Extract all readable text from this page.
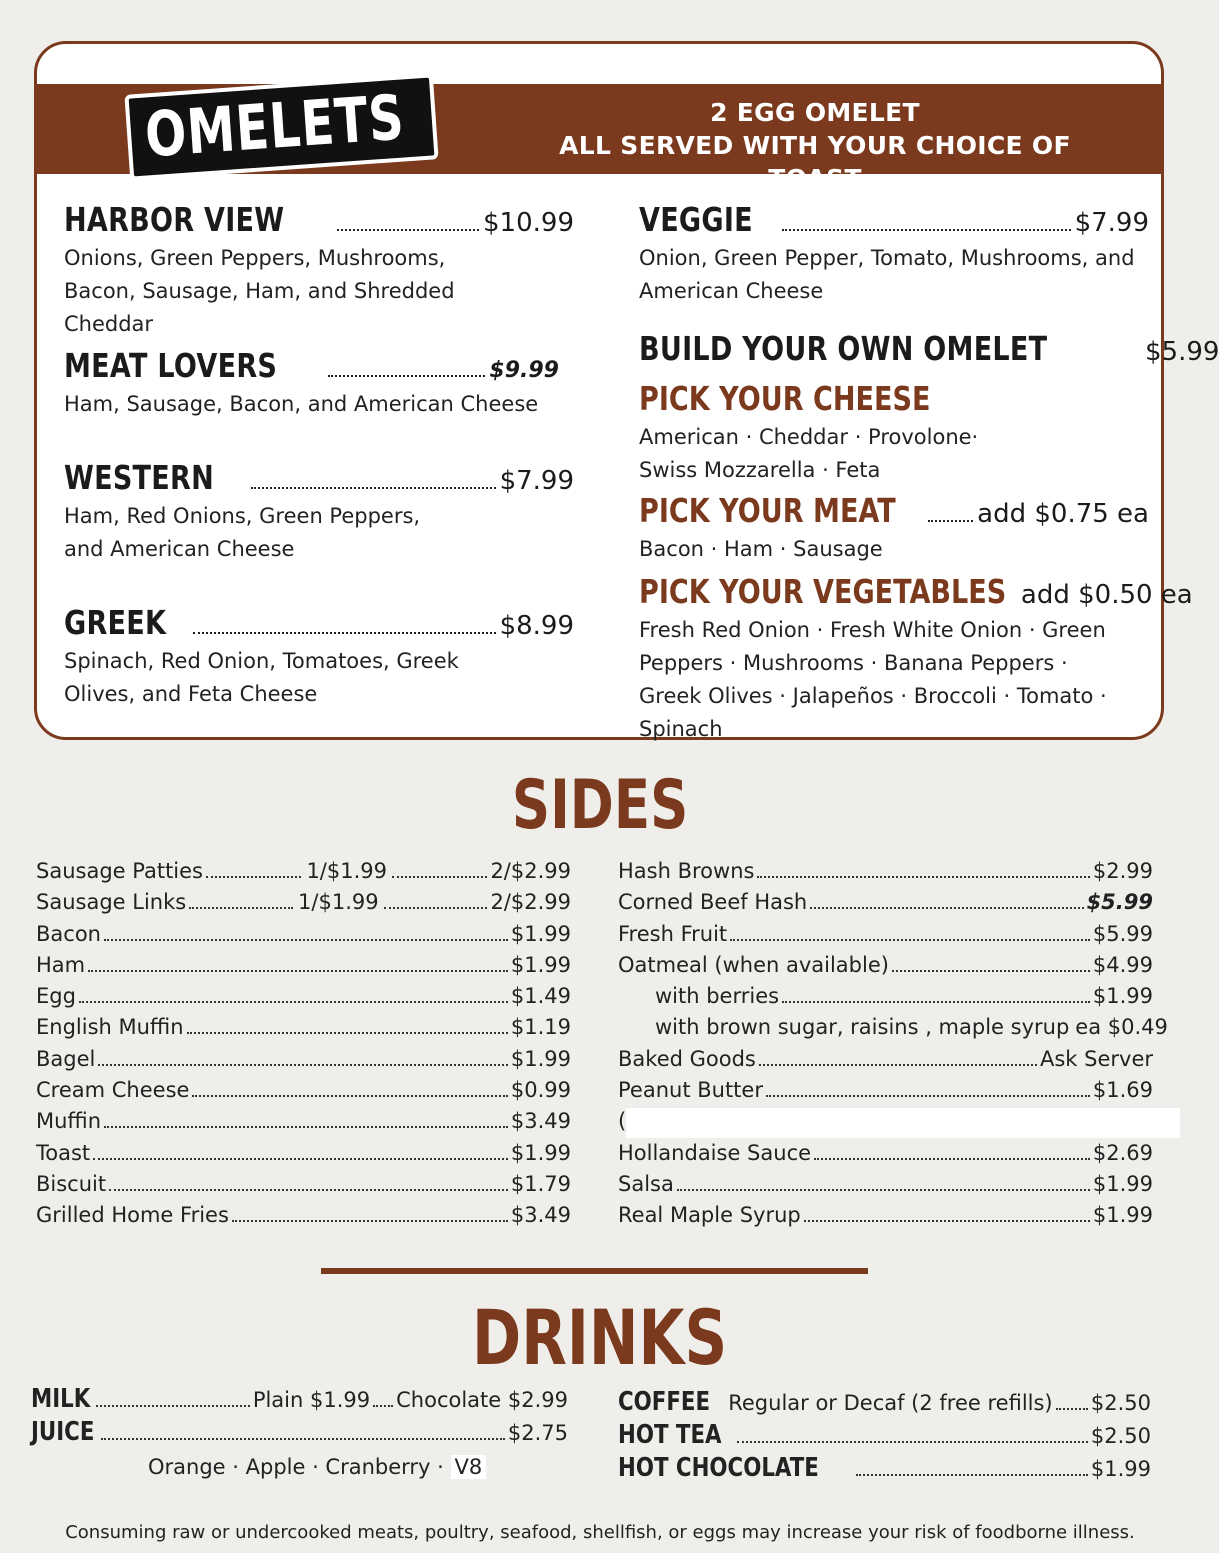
2 EGG OMELET
ALL SERVED WITH YOUR CHOICE OF TOAST
OMELETS
HARBOR VIEW	$10.99
Onions, Green Peppers, Mushrooms, Bacon, Sausage, Ham, and Shredded Cheddar
MEAT LOVERS	$9.99
Ham, Sausage, Bacon, and American Cheese
WESTERN	$7.99
Ham, Red Onions, Green Peppers, and American Cheese
GREEK	$8.99
Spinach, Red Onion, Tomatoes, Greek Olives, and Feta Cheese
VEGGIE	$7.99
Onion, Green Pepper, Tomato, Mushrooms, and American Cheese
BUILD YOUR OWN OMELET	$5.99
PICK YOUR CHEESE
American · Cheddar · Provolone· Swiss Mozzarella · Feta
PICK YOUR MEAT	add $0.75 ea
Bacon · Ham · Sausage
PICK YOUR VEGETABLES add $0.50 ea
Fresh Red Onion · Fresh White Onion · Green Peppers · Mushrooms · Banana Peppers · Greek Olives · Jalapeños · Broccoli · Tomato · Spinach
SIDES
Sausage Patties	1/$1.99	2/$2.99
Sausage Links	1/$1.99	2/$2.99
Bacon	$1.99
Ham	$1.99
Egg	$1.49
English Muffin	$1.19
Bagel	$1.99
Cream Cheese	$0.99
Muffin	$3.49
Toast	$1.99
Biscuit	$1.79
Grilled Home Fries	$3.49
Hash Browns	$2.99
Corned Beef Hash	$5.99
Fresh Fruit	$5.99
Oatmeal (when available)	$4.99
with berries	$1.99
with brown sugar, raisins , maple syrup ea $0.49
Baked Goods	Ask Server
Peanut Butter	$1.69
(
Hollandaise Sauce	$2.69
Salsa	$1.99
Real Maple Syrup	$1.99
DRINKS
MILK	Plain $1.99 Chocolate $2.99
JUICE	$2.75
Orange · Apple · Cranberry · V8
COFFEE Regular or Decaf (2 free refills) $2.50
HOT TEA	$2.50
HOT CHOCOLATE	$1.99
Consuming raw or undercooked meats, poultry, seafood, shellfish, or eggs may increase your risk of foodborne illness.
